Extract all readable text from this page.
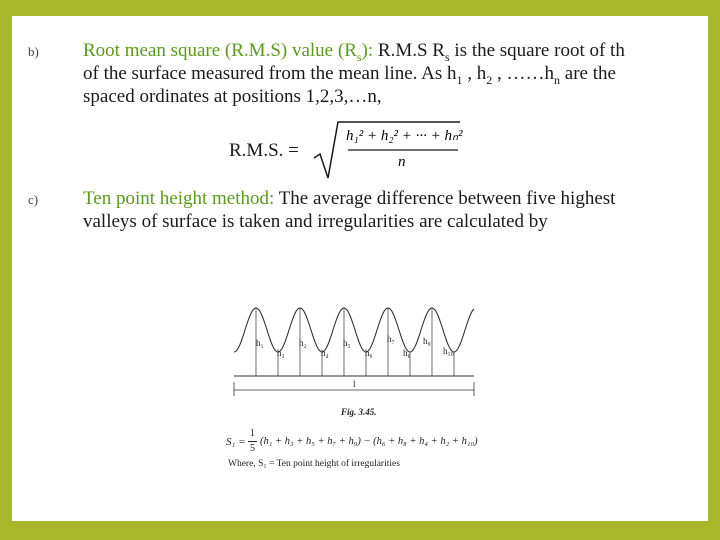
b) Root mean square (R.M.S) value $(R_s)$: R.M.S $R_s$ is the square root of th
of the surface measured from the mean line. As $h_1$ , $h_2$ , $\dots\dots h_n$ are the
spaced ordinates at positions 1,2,3,…n,
R.M.S. =
h₁² + h₂² + ··· + hₙ²
n
c) Ten point height method: The average difference between five highest
valleys of surface is taken and irregularities are calculated by
l
Fig. 3.45.
h₁	h₂
h₃	h₄
h₅
h₆
h₇
h₈
h₉
h₁₀
S₁ =
1
5
(h₁ + h₃ + h₅ + h₇ + h₉) − (h₆ + h₈ + h₄ + h₂ + h₁₀)
Where, S₁ = Ten point height of irregularities
